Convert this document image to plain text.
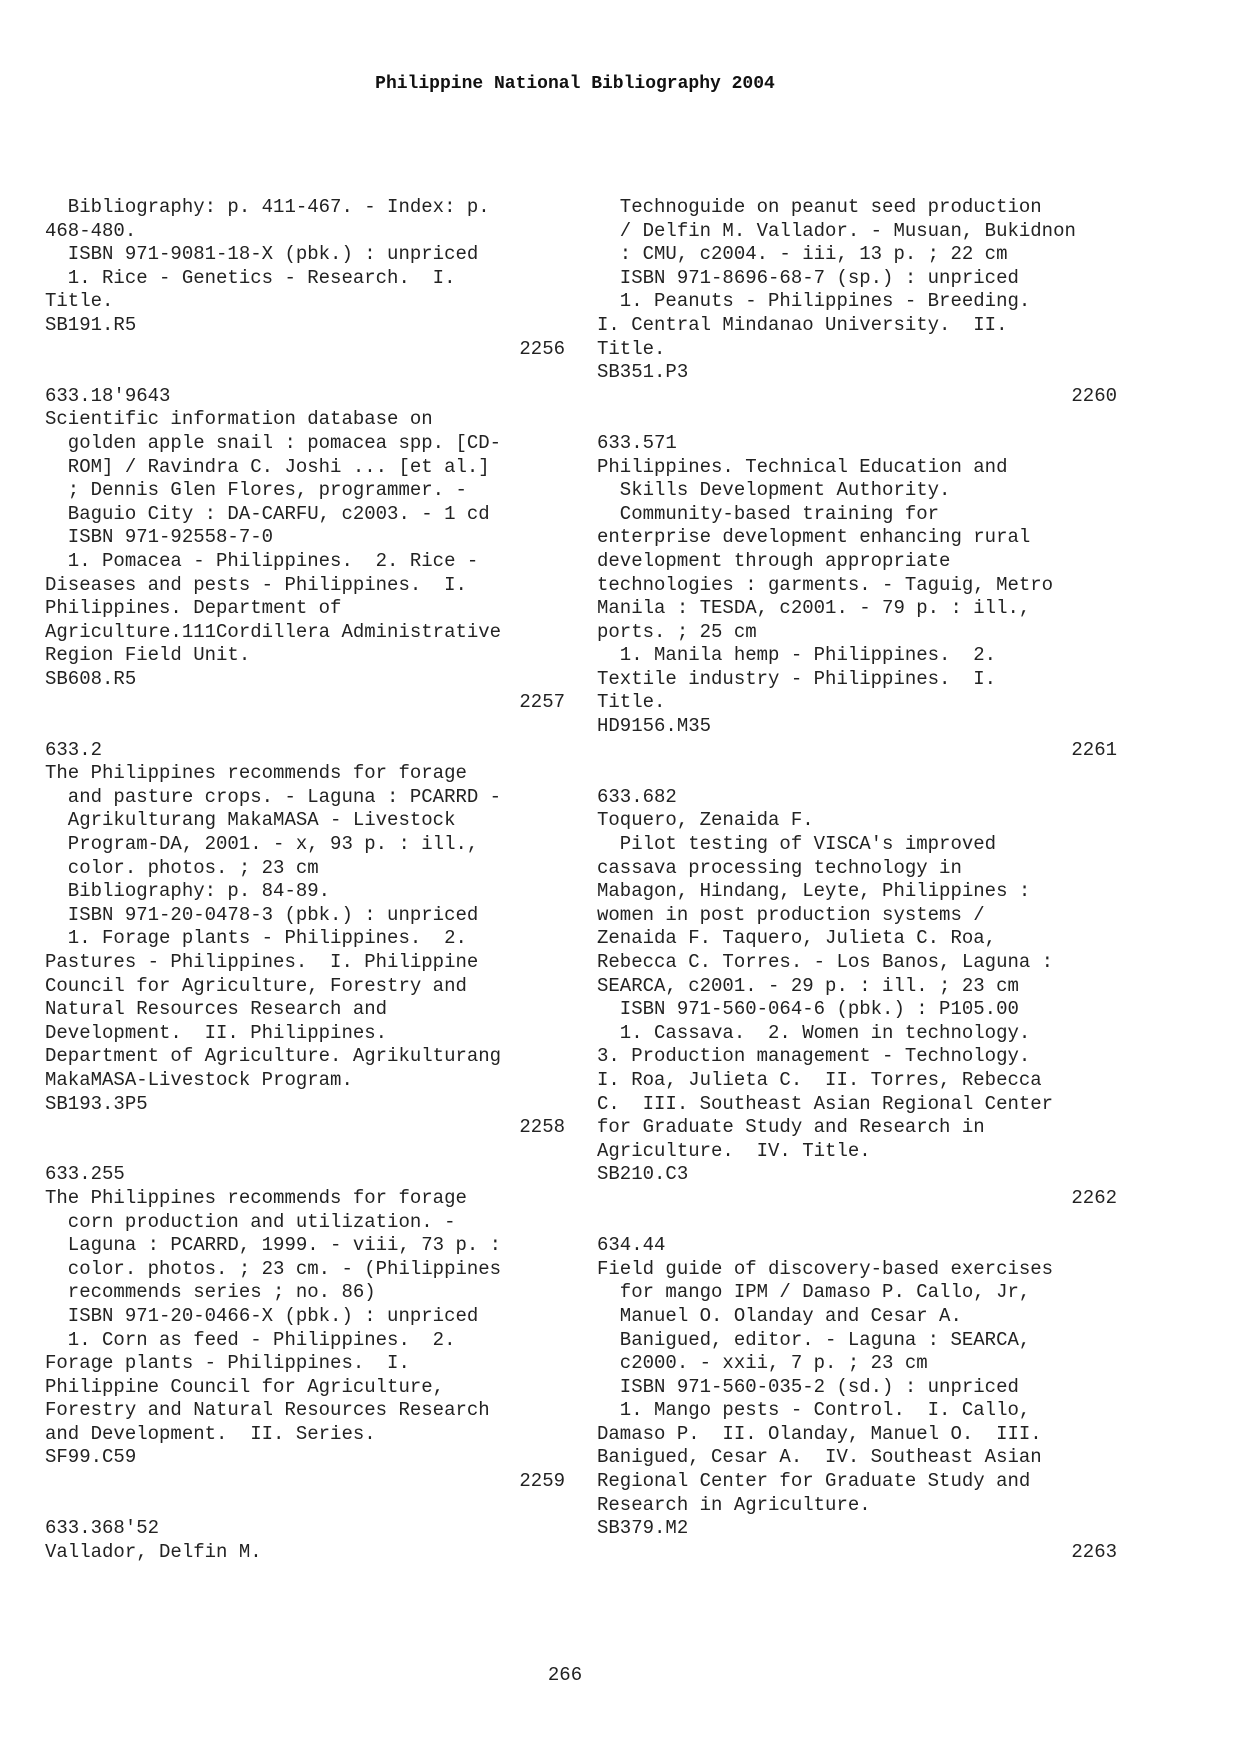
Philippine National Bibliography 2004
Bibliography: p. 411-467. - Index: p.
468-480.
ISBN 971-9081-18-X (pbk.) : unpriced
1. Rice - Genetics - Research.  I.
Title.
SB191.R5
2256
633.18'9643
Scientific information database on
golden apple snail : pomacea spp. [CD-
ROM] / Ravindra C. Joshi ... [et al.]
; Dennis Glen Flores, programmer. -
Baguio City : DA-CARFU, c2003. - 1 cd
ISBN 971-92558-7-0
1. Pomacea - Philippines.  2. Rice -
Diseases and pests - Philippines.  I.
Philippines. Department of
Agriculture.111Cordillera Administrative
Region Field Unit.
SB608.R5
2257
633.2
The Philippines recommends for forage
and pasture crops. - Laguna : PCARRD -
Agrikulturang MakaMASA - Livestock
Program-DA, 2001. - x, 93 p. : ill.,
color. photos. ; 23 cm
Bibliography: p. 84-89.
ISBN 971-20-0478-3 (pbk.) : unpriced
1. Forage plants - Philippines.  2.
Pastures - Philippines.  I. Philippine
Council for Agriculture, Forestry and
Natural Resources Research and
Development.  II. Philippines.
Department of Agriculture. Agrikulturang
MakaMASA-Livestock Program.
SB193.3P5
2258
633.255
The Philippines recommends for forage
corn production and utilization. -
Laguna : PCARRD, 1999. - viii, 73 p. :
color. photos. ; 23 cm. - (Philippines
recommends series ; no. 86)
ISBN 971-20-0466-X (pbk.) : unpriced
1. Corn as feed - Philippines.  2.
Forage plants - Philippines.  I.
Philippine Council for Agriculture,
Forestry and Natural Resources Research
and Development.  II. Series.
SF99.C59
2259
633.368'52
Vallador, Delfin M.
Technoguide on peanut seed production
/ Delfin M. Vallador. - Musuan, Bukidnon
: CMU, c2004. - iii, 13 p. ; 22 cm
ISBN 971-8696-68-7 (sp.) : unpriced
1. Peanuts - Philippines - Breeding.
I. Central Mindanao University.  II.
Title.
SB351.P3
2260
633.571
Philippines. Technical Education and
Skills Development Authority.
Community-based training for
enterprise development enhancing rural
development through appropriate
technologies : garments. - Taguig, Metro
Manila : TESDA, c2001. - 79 p. : ill.,
ports. ; 25 cm
1. Manila hemp - Philippines.  2.
Textile industry - Philippines.  I.
Title.
HD9156.M35
2261
633.682
Toquero, Zenaida F.
Pilot testing of VISCA's improved
cassava processing technology in
Mabagon, Hindang, Leyte, Philippines :
women in post production systems /
Zenaida F. Taquero, Julieta C. Roa,
Rebecca C. Torres. - Los Banos, Laguna :
SEARCA, c2001. - 29 p. : ill. ; 23 cm
ISBN 971-560-064-6 (pbk.) : P105.00
1. Cassava.  2. Women in technology.
3. Production management - Technology.
I. Roa, Julieta C.  II. Torres, Rebecca
C.  III. Southeast Asian Regional Center
for Graduate Study and Research in
Agriculture.  IV. Title.
SB210.C3
2262
634.44
Field guide of discovery-based exercises
for mango IPM / Damaso P. Callo, Jr,
Manuel O. Olanday and Cesar A.
Banigued, editor. - Laguna : SEARCA,
c2000. - xxii, 7 p. ; 23 cm
ISBN 971-560-035-2 (sd.) : unpriced
1. Mango pests - Control.  I. Callo,
Damaso P.  II. Olanday, Manuel O.  III.
Banigued, Cesar A.  IV. Southeast Asian
Regional Center for Graduate Study and
Research in Agriculture.
SB379.M2
2263
266
